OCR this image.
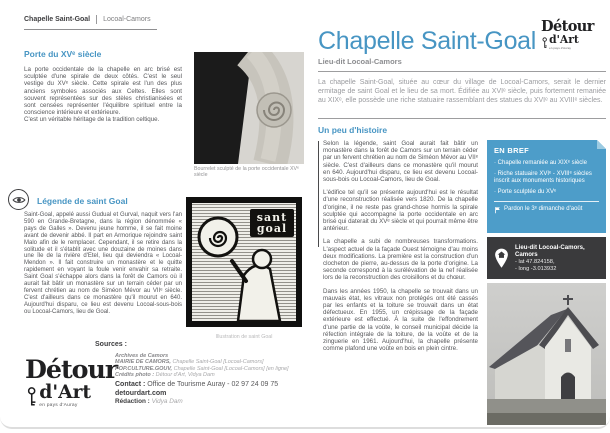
Chapelle Saint-Goal Locoal-Camors
Porte du XVᵉ siècle

La porte occidentale de la chapelle en arc brisé est sculptée d'une spirale de deux côtés. C'est le seul vestige du XVᵉ siècle. Cette spirale est l'un des plus anciens symboles associés aux Celtes. Elles sont souvent représentées sur des stèles christianisées et sont censées représenter l'équilibre spirituel entre la conscience intérieure et extérieure.

C'est un véritable héritage de la tradition celtique.

Légende de saint Goal

Saint-Goal, appelé aussi Gudual et Gurval, naquit vers l'an 590 en Grande-Bretagne, dans la région dénommée « pays de Galles ». Devenu jeune homme, il se fait moine avant de devenir abbé. Il part en Armorique rejoindre saint Malo afin de le remplacer. Cependant, il se retire dans la solitude et il s'établit avec une douzaine de moines dans une île de la rivière d'Etel, lieu qui deviendra « Locoal-Mendon ». Il fait construire un monastère et le quitte rapidement en voyant la foule venir envahir sa retraite. Saint Goal s'échappe alors dans la forêt de Camors où il aurait fait bâtir un monastère sur un terrain céder par un fervent chrétien au nom de Siméon Mévor au VIIᵉ siècle. C'est d'ailleurs dans ce monastère qu'il mourut en 640. Aujourd'hui disparu, ce lieu est devenu Locoal-sous-bois ou Locoal-Camors, lieu de Goal.

Bourrelet sculpté de la porte occidentale XVᵉ siècle
sant
goal
Illustration de saint Goal
Sources :
Détour
d'Art
en pays d'Auray
Archives de Camors
MAIRIE DE CAMORS, Chapelle Saint-Goal [Locoal-Camors]
POP.CULTURE.GOUV, Chapelle Saint-Goal [Locoal-Camors] [en ligne]
Crédits photo : Détour d'Art, Vidya Dam
Contact : Office de Tourisme Auray - 02 97 24 09 75 detourdart.com
Rédaction : Vidya Dam
Chapelle Saint-Goal
Lieu-dit Locoal-Camors
Détour
d'Art
en pays d'Auray
La chapelle Saint-Goal, située au cœur du village de Locoal-Camors, serait le dernier ermitage de saint Goal et le lieu de sa mort. Édifiée au XVIᵉ siècle, puis fortement remaniée au XIXᵉ, elle possède une riche statuaire rassemblant des statues du XVIᵉ au XVIIIᵉ siècles.
Un peu d'histoire

Selon la légende, saint Goal aurait fait bâtir un monastère dans la forêt de Camors sur un terrain céder par un fervent chrétien au nom de Siméon Mévor au VIIᵉ siècle. C'est d'ailleurs dans ce monastère qu'il mourut en 640. Aujourd'hui disparu, ce lieu est devenu Locoal-sous-bois ou Locoal-Camors, lieu de Goal.

L'édifice tel qu'il se présente aujourd'hui est le résultat d'une reconstruction réalisée vers 1820. De la chapelle d'origine, il ne reste pas grand-chose hormis la spirale sculptée qui accompagne la porte occidentale en arc brisé qui daterait du XVᵉ siècle et qui pourrait même être antérieur.

La chapelle a subi de nombreuses transformations. L'aspect actuel de la façade Ouest témoigne d'au moins deux modifications. La première est la construction d'un clocheton de pierre, au-dessus de la porte d'origine. La seconde correspond à la surélévation de la nef réalisée lors de la reconstruction des croisillons et du chœur.

Dans les années 1950, la chapelle se trouvait dans un mauvais état, les vitraux non protégés ont été cassés par les enfants et la toiture se trouvait dans un état défectueux. En 1955, un crépissage de la façade extérieure est effectué. À la suite de l'effondrement d'une partie de la voûte, le conseil municipal décide la réfection intégrale de la toiture, de la voûte et de la zinguerie en 1961. Aujourd'hui, la chapelle présente comme plafond une voûte en bois en plein cintre.

EN BREF
· Chapelle remaniée au XIXᵉ siècle
· Riche statuaire XVIᵉ - XVIIIᵉ siècles inscrit aux monuments historiques
· Porte sculptée du XVᵉ
Pardon le 3ᵉ dimanche d'août
Lieu-dit Locoal-Camors, Camors
- lat 47.824158,
- long -3.013932
